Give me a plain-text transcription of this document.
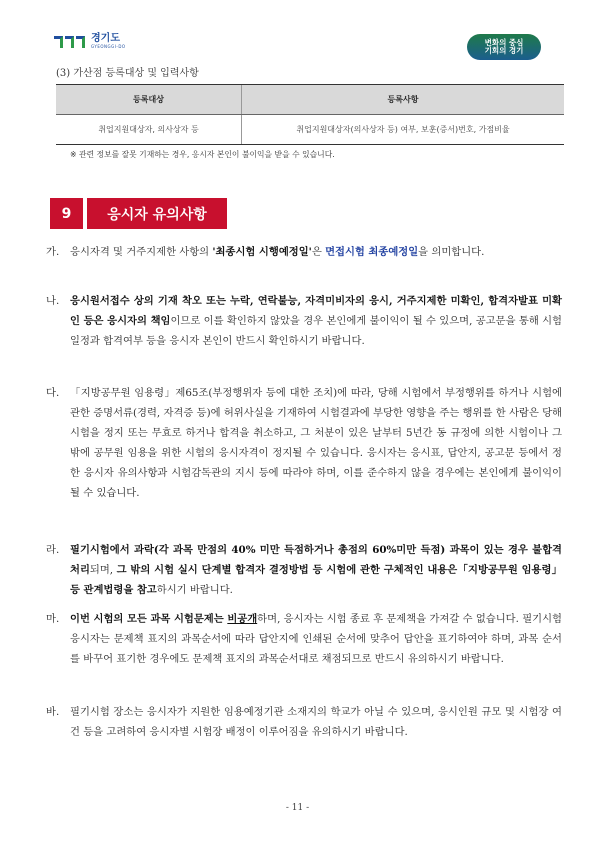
경기도
GYEONGGI-DO	변화의 중심
기회의 경기
(3) 가산점 등록대상 및 입력사항
등록대상	등록사항
취업지원대상자, 의사상자 등	취업지원대상자(의사상자 등) 여부, 보훈(증서)번호, 가점비율
※ 관련 정보를 잘못 기재하는 경우, 응시자 본인이 불이익을 받을 수 있습니다.
9	응시자 유의사항
가.	응시자격 및 거주지제한 사항의 '최종시험 시행예정일'은 면접시험 최종예정일을 의미합니다.
나.	응시원서접수 상의 기재 착오 또는 누락, 연락불능, 자격미비자의 응시, 거주지제한 미확인, 합격자발표 미확인 등은 응시자의 책임이므로 이를 확인하지 않았을 경우 본인에게 불이익이 될 수 있으며, 공고문을 통해 시험일정과 합격여부 등을 응시자 본인이 반드시 확인하시기 바랍니다.
다.	「지방공무원 임용령」제65조(부정행위자 등에 대한 조치)에 따라, 당해 시험에서 부정행위를 하거나 시험에 관한 증명서류(경력, 자격증 등)에 허위사실을 기재하여 시험결과에 부당한 영향을 주는 행위를 한 사람은 당해 시험을 정지 또는 무효로 하거나 합격을 취소하고, 그 처분이 있은 날부터 5년간 동 규정에 의한 시험이나 그 밖에 공무원 임용을 위한 시험의 응시자격이 정지될 수 있습니다. 응시자는 응시표, 답안지, 공고문 등에서 정한 응시자 유의사항과 시험감독관의 지시 등에 따라야 하며, 이를 준수하지 않을 경우에는 본인에게 불이익이 될 수 있습니다.
라.	필기시험에서 과락(각 과목 만점의 40% 미만 득점하거나 총점의 60%미만 득점) 과목이 있는 경우 불합격 처리되며, 그 밖의 시험 실시 단계별 합격자 결정방법 등 시험에 관한 구체적인 내용은「지방공무원 임용령」등 관계법령을 참고하시기 바랍니다.
마.	이번 시험의 모든 과목 시험문제는 비공개하며, 응시자는 시험 종료 후 문제책을 가져갈 수 없습니다. 필기시험 응시자는 문제책 표지의 과목순서에 따라 답안지에 인쇄된 순서에 맞추어 답안을 표기하여야 하며, 과목 순서를 바꾸어 표기한 경우에도 문제책 표지의 과목순서대로 채점되므로 반드시 유의하시기 바랍니다.
바.	필기시험 장소는 응시자가 지원한 임용예정기관 소재지의 학교가 아닐 수 있으며, 응시인원 규모 및 시험장 여건 등을 고려하여 응시자별 시험장 배정이 이루어짐을 유의하시기 바랍니다.
- 11 -
